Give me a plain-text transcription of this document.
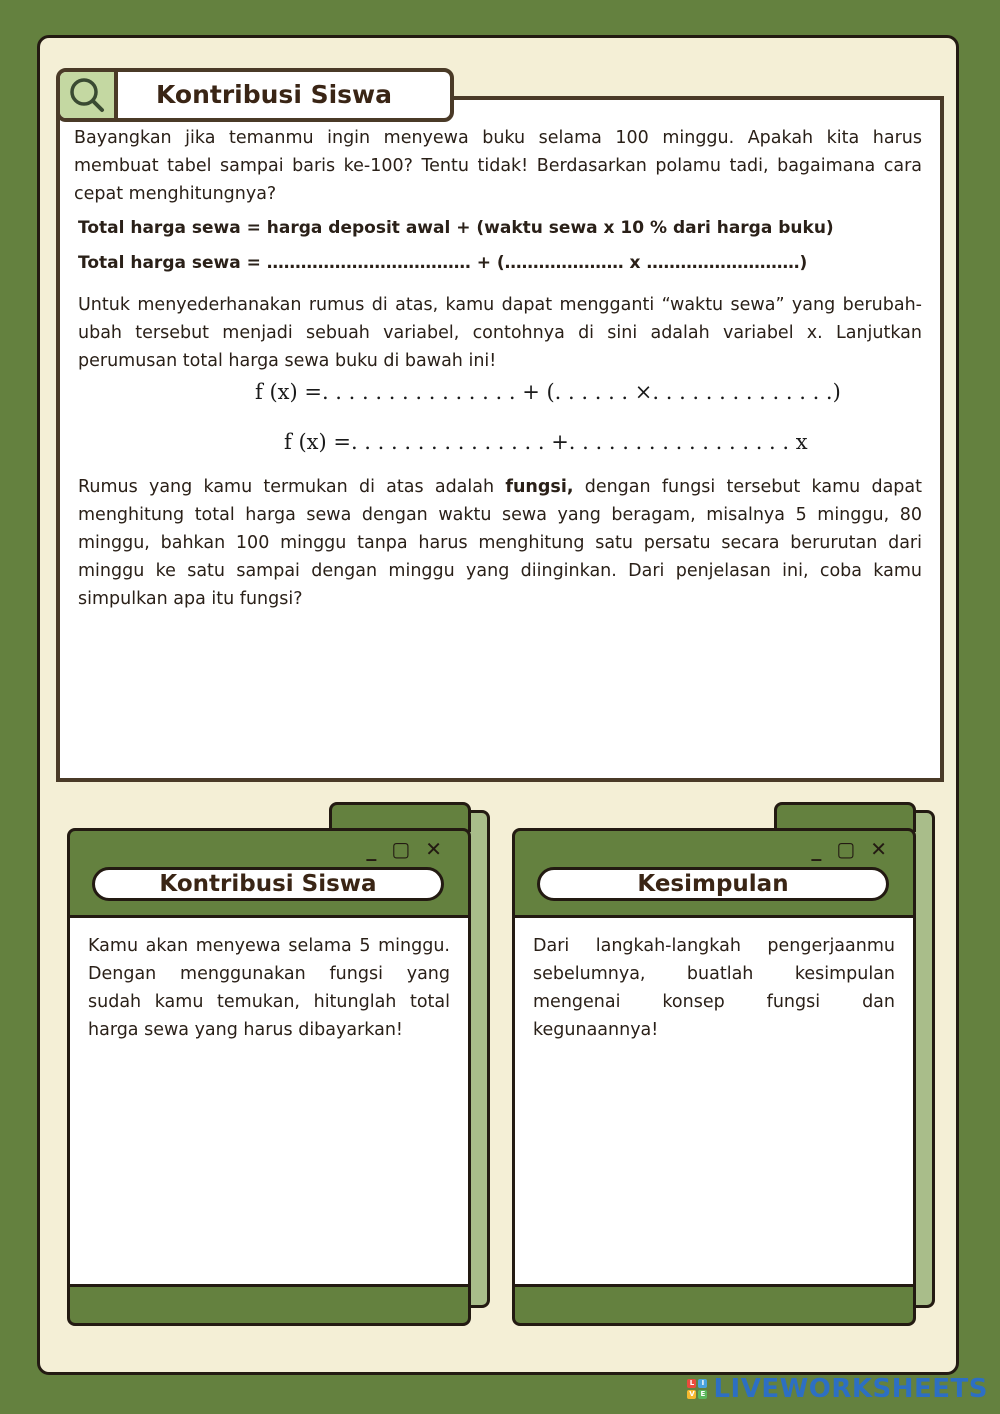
Kontribusi Siswa

Bayangkan jika temanmu ingin menyewa buku selama 100 minggu. Apakah kita harus membuat tabel sampai baris ke-100? Tentu tidak! Berdasarkan polamu tadi, bagaimana cara cepat menghitungnya?

Total harga sewa = harga deposit awal + (waktu sewa x 10 % dari harga buku)

Total harga sewa = ……………………………… + (………………… x ………………………)

Untuk menyederhanakan rumus di atas, kamu dapat mengganti “waktu sewa” yang berubah-ubah tersebut menjadi sebuah variabel, contohnya di sini adalah variabel x. Lanjutkan perumusan total harga sewa buku di bawah ini!

f (x) =. . . . . . . . . . . . . . . + (. . . . . . ×. . . . . . . . . . . . . .)
f (x) =. . . . . . . . . . . . . . . +. . . . . . . . . . . . . . . . . x

Rumus yang kamu termukan di atas adalah fungsi, dengan fungsi tersebut kamu dapat menghitung total harga sewa dengan waktu sewa yang beragam, misalnya 5 minggu, 80 minggu, bahkan 100 minggu tanpa harus menghitung satu persatu secara berurutan dari minggu ke satu sampai dengan minggu yang diinginkan. Dari penjelasan ini, coba kamu simpulkan apa itu fungsi?

_ ▢ ✕
Kontribusi Siswa
Kamu akan menyewa selama 5 minggu. Dengan menggunakan fungsi yang sudah kamu temukan, hitunglah total harga sewa yang harus dibayarkan!
_ ▢ ✕
Kesimpulan
Dari langkah-langkah pengerjaanmu sebelumnya, buatlah kesimpulan mengenai konsep fungsi dan kegunaannya!
L	I
V E LIVEWORKSHEETS
